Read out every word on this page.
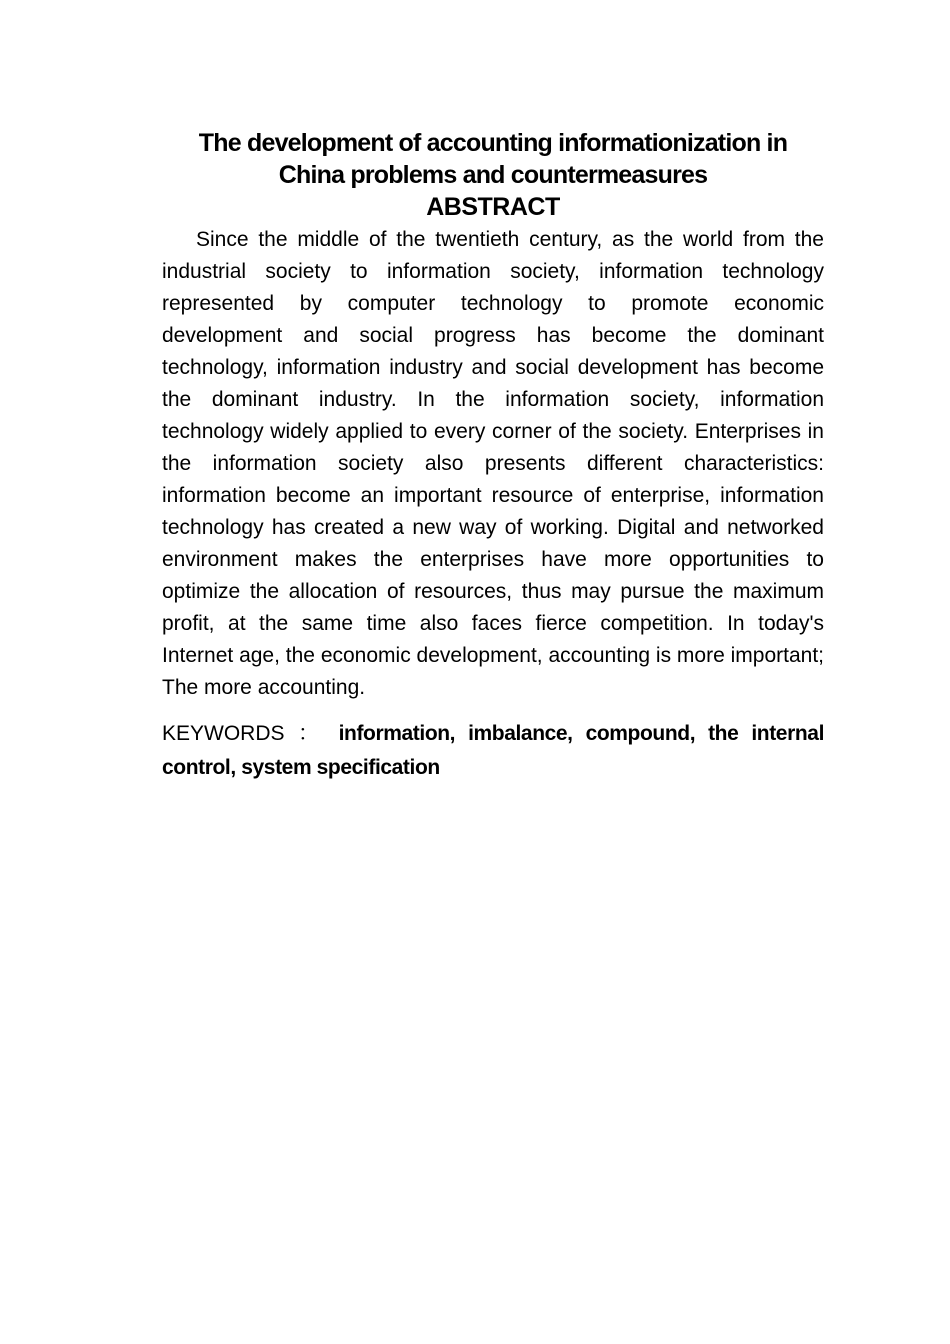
The development of accounting informationization in
China problems and countermeasures
ABSTRACT

Since the middle of the twentieth century, as the world from the industrial society to information society, information technology represented by computer technology to promote economic development and social progress has become the dominant technology, information industry and social development has become the dominant industry. In the information society, information technology widely applied to every corner of the society. Enterprises in the information society also presents different characteristics: information become an important resource of enterprise, information technology has created a new way of working. Digital and networked environment makes the enterprises have more opportunities to optimize the allocation of resources, thus may pursue the maximum profit, at the same time also faces fierce competition. In today's Internet age, the economic development, accounting is more important; The more accounting.

KEYWORDS ： information, imbalance, compound, the internal control, system specification
